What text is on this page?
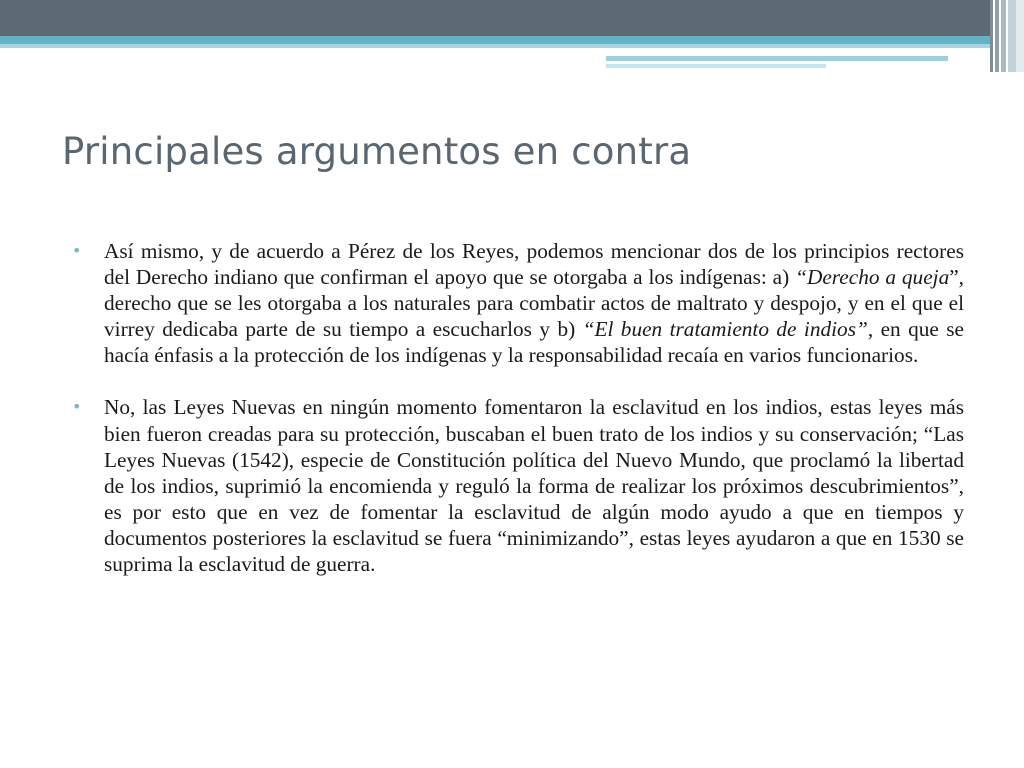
Principales argumentos en contra

• Así mismo, y de acuerdo a Pérez de los Reyes, podemos mencionar dos de los principios rectores del Derecho indiano que confirman el apoyo que se otorgaba a los indígenas: a) “Derecho a queja”, derecho que se les otorgaba a los naturales para combatir actos de maltrato y despojo, y en el que el virrey dedicaba parte de su tiempo a escucharlos y b) “El buen tratamiento de indios”, en que se hacía énfasis a la protección de los indígenas y la responsabilidad recaía en varios funcionarios.

• No, las Leyes Nuevas en ningún momento fomentaron la esclavitud en los indios, estas leyes más bien fueron creadas para su protección, buscaban el buen trato de los indios y su conservación; “Las Leyes Nuevas (1542), especie de Constitución política del Nuevo Mundo, que proclamó la libertad de los indios, suprimió la encomienda y reguló la forma de realizar los próximos descubrimientos”, es por esto que en vez de fomentar la esclavitud de algún modo ayudo a que en tiempos y documentos posteriores la esclavitud se fuera “minimizando”, estas leyes ayudaron a que en 1530 se suprima la esclavitud de guerra.
